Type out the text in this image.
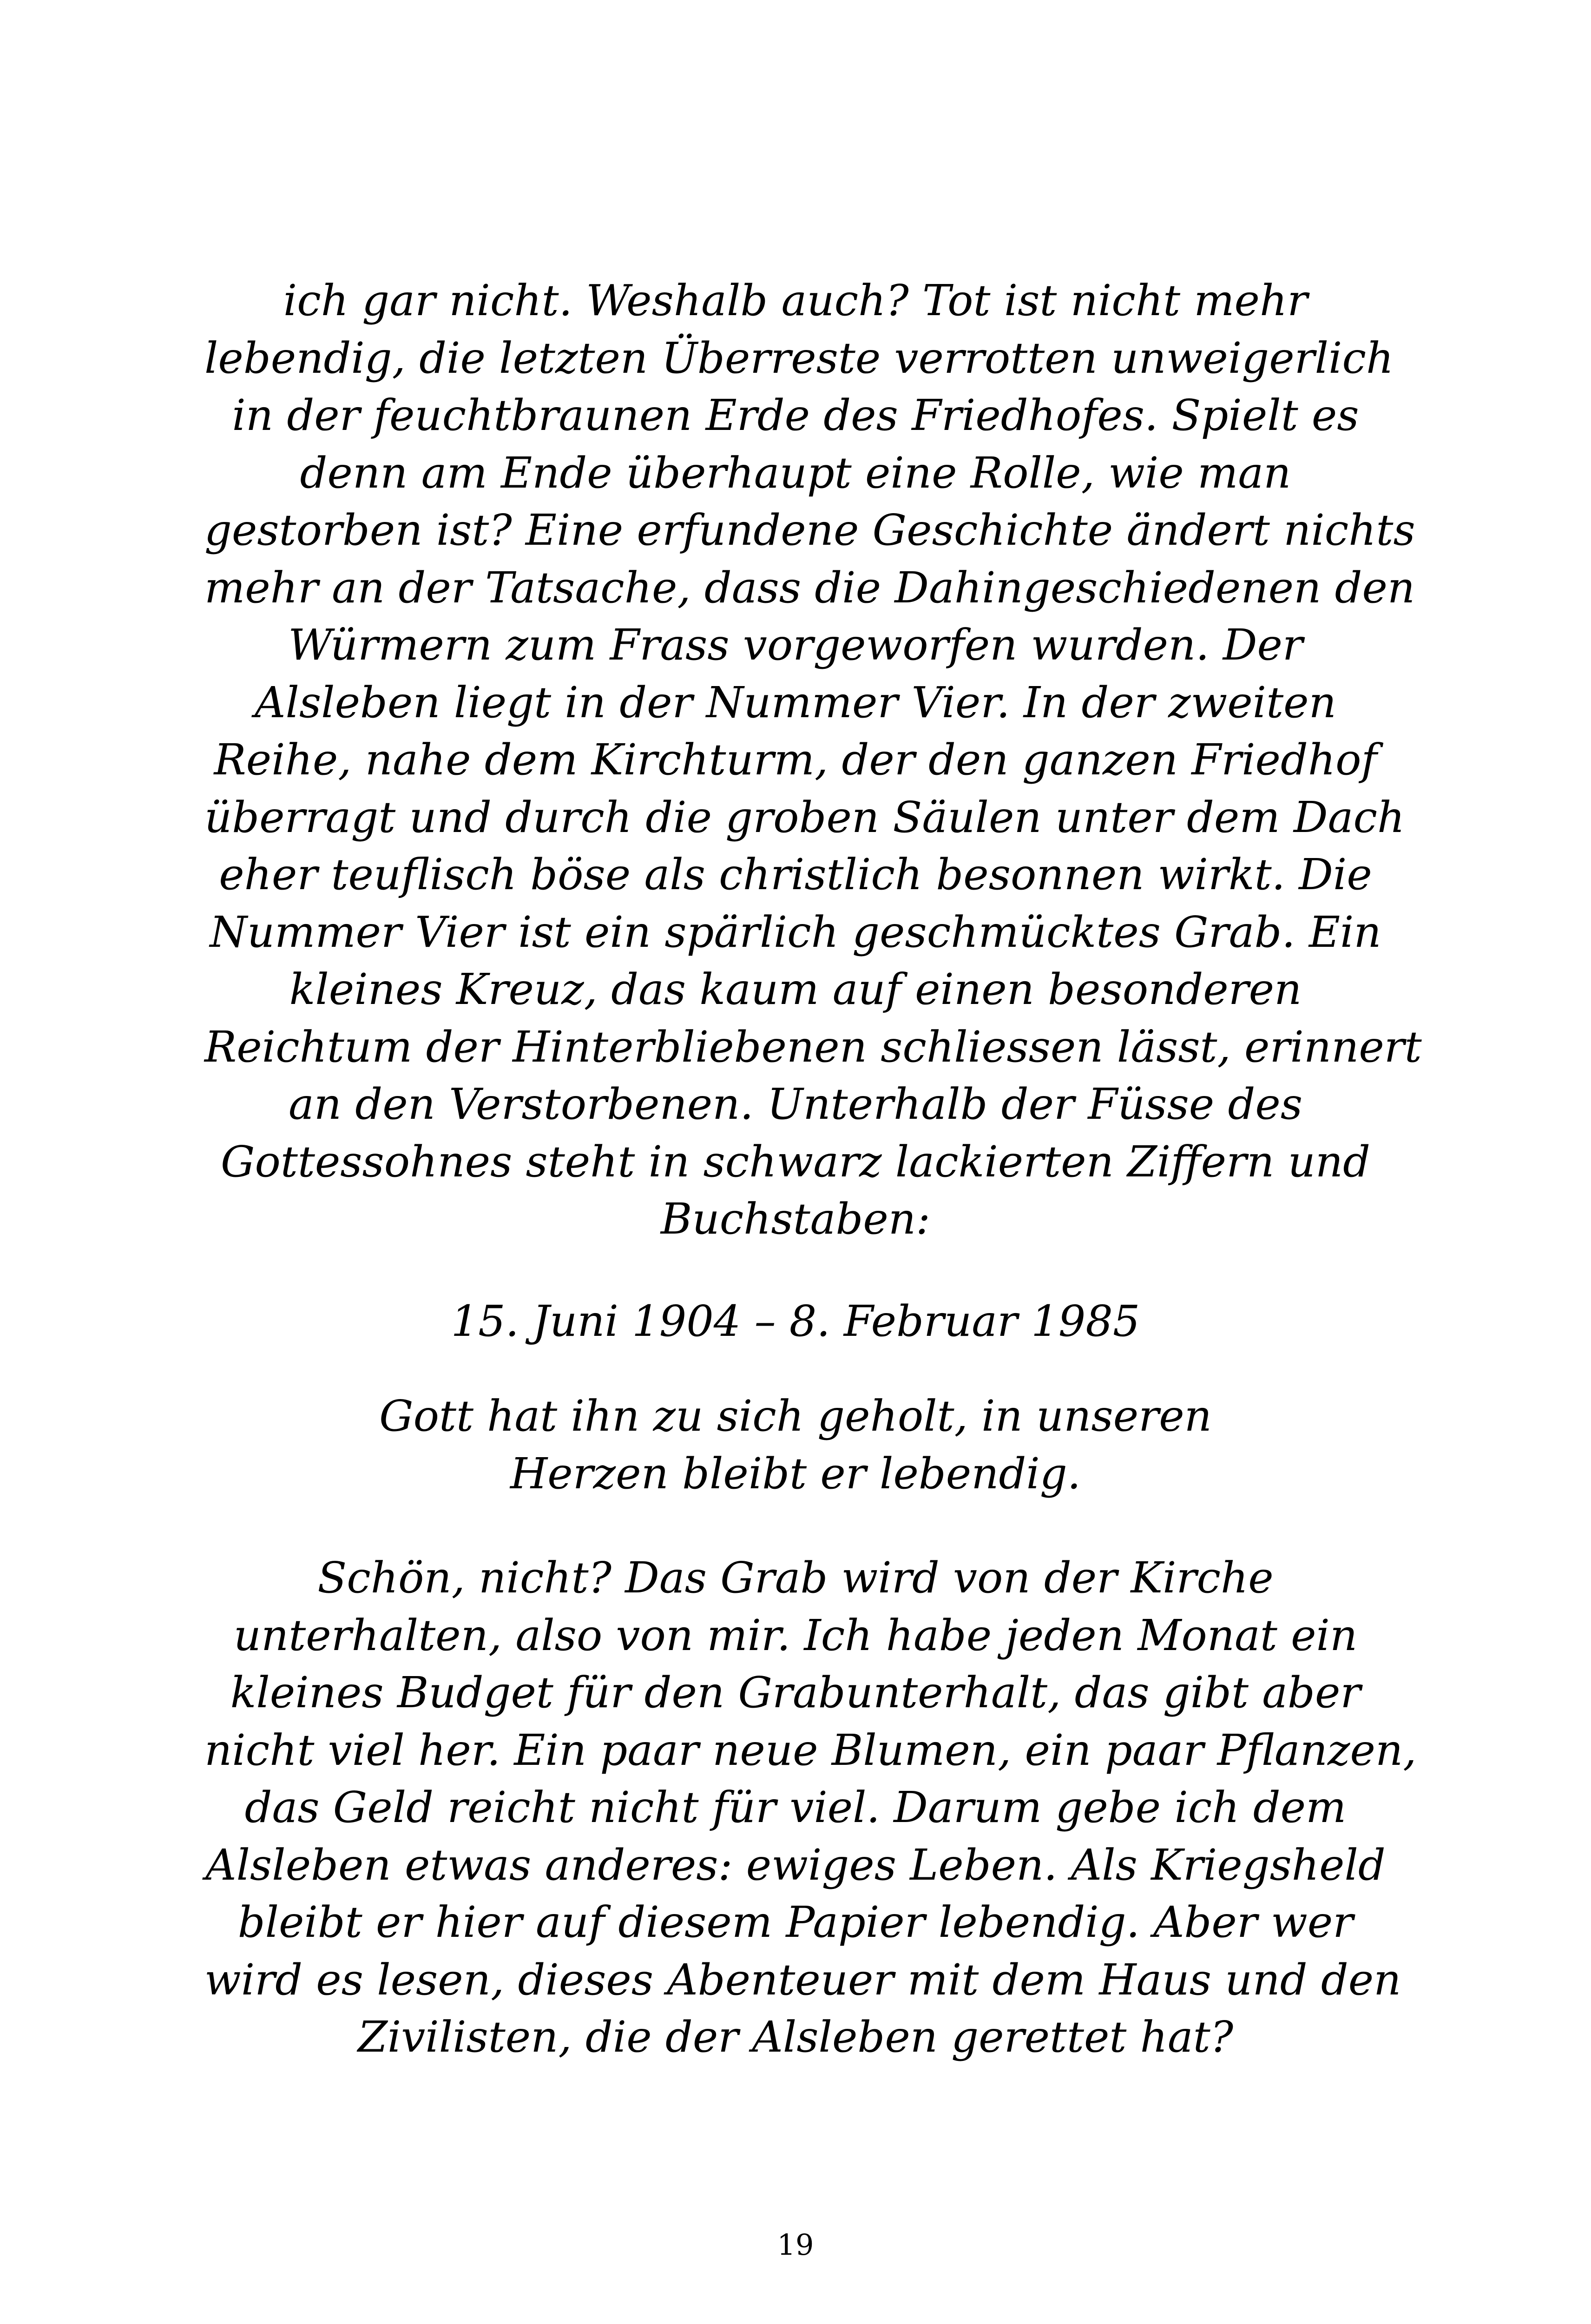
ich gar nicht. Weshalb auch? Tot ist nicht mehr
lebendig, die letzten Überreste verrotten unweigerlich
in der feuchtbraunen Erde des Friedhofes. Spielt es
denn am Ende überhaupt eine Rolle, wie man
gestorben ist? Eine erfundene Geschichte ändert nichts
mehr an der Tatsache, dass die Dahingeschiedenen den
Würmern zum Frass vorgeworfen wurden. Der
Alsleben liegt in der Nummer Vier. In der zweiten
Reihe, nahe dem Kirchturm, der den ganzen Friedhof
überragt und durch die groben Säulen unter dem Dach
eher teuflisch böse als christlich besonnen wirkt. Die
Nummer Vier ist ein spärlich geschmücktes Grab. Ein
kleines Kreuz, das kaum auf einen besonderen
Reichtum der Hinterbliebenen schliessen lässt, erinnert
an den Verstorbenen. Unterhalb der Füsse des
Gottessohnes steht in schwarz lackierten Ziffern und
Buchstaben:

15. Juni 1904 – 8. Februar 1985

Gott hat ihn zu sich geholt, in unseren
Herzen bleibt er lebendig.

Schön, nicht? Das Grab wird von der Kirche
unterhalten, also von mir. Ich habe jeden Monat ein
kleines Budget für den Grabunterhalt, das gibt aber
nicht viel her. Ein paar neue Blumen, ein paar Pflanzen,
das Geld reicht nicht für viel. Darum gebe ich dem
Alsleben etwas anderes: ewiges Leben. Als Kriegsheld
bleibt er hier auf diesem Papier lebendig. Aber wer
wird es lesen, dieses Abenteuer mit dem Haus und den
Zivilisten, die der Alsleben gerettet hat?

19
